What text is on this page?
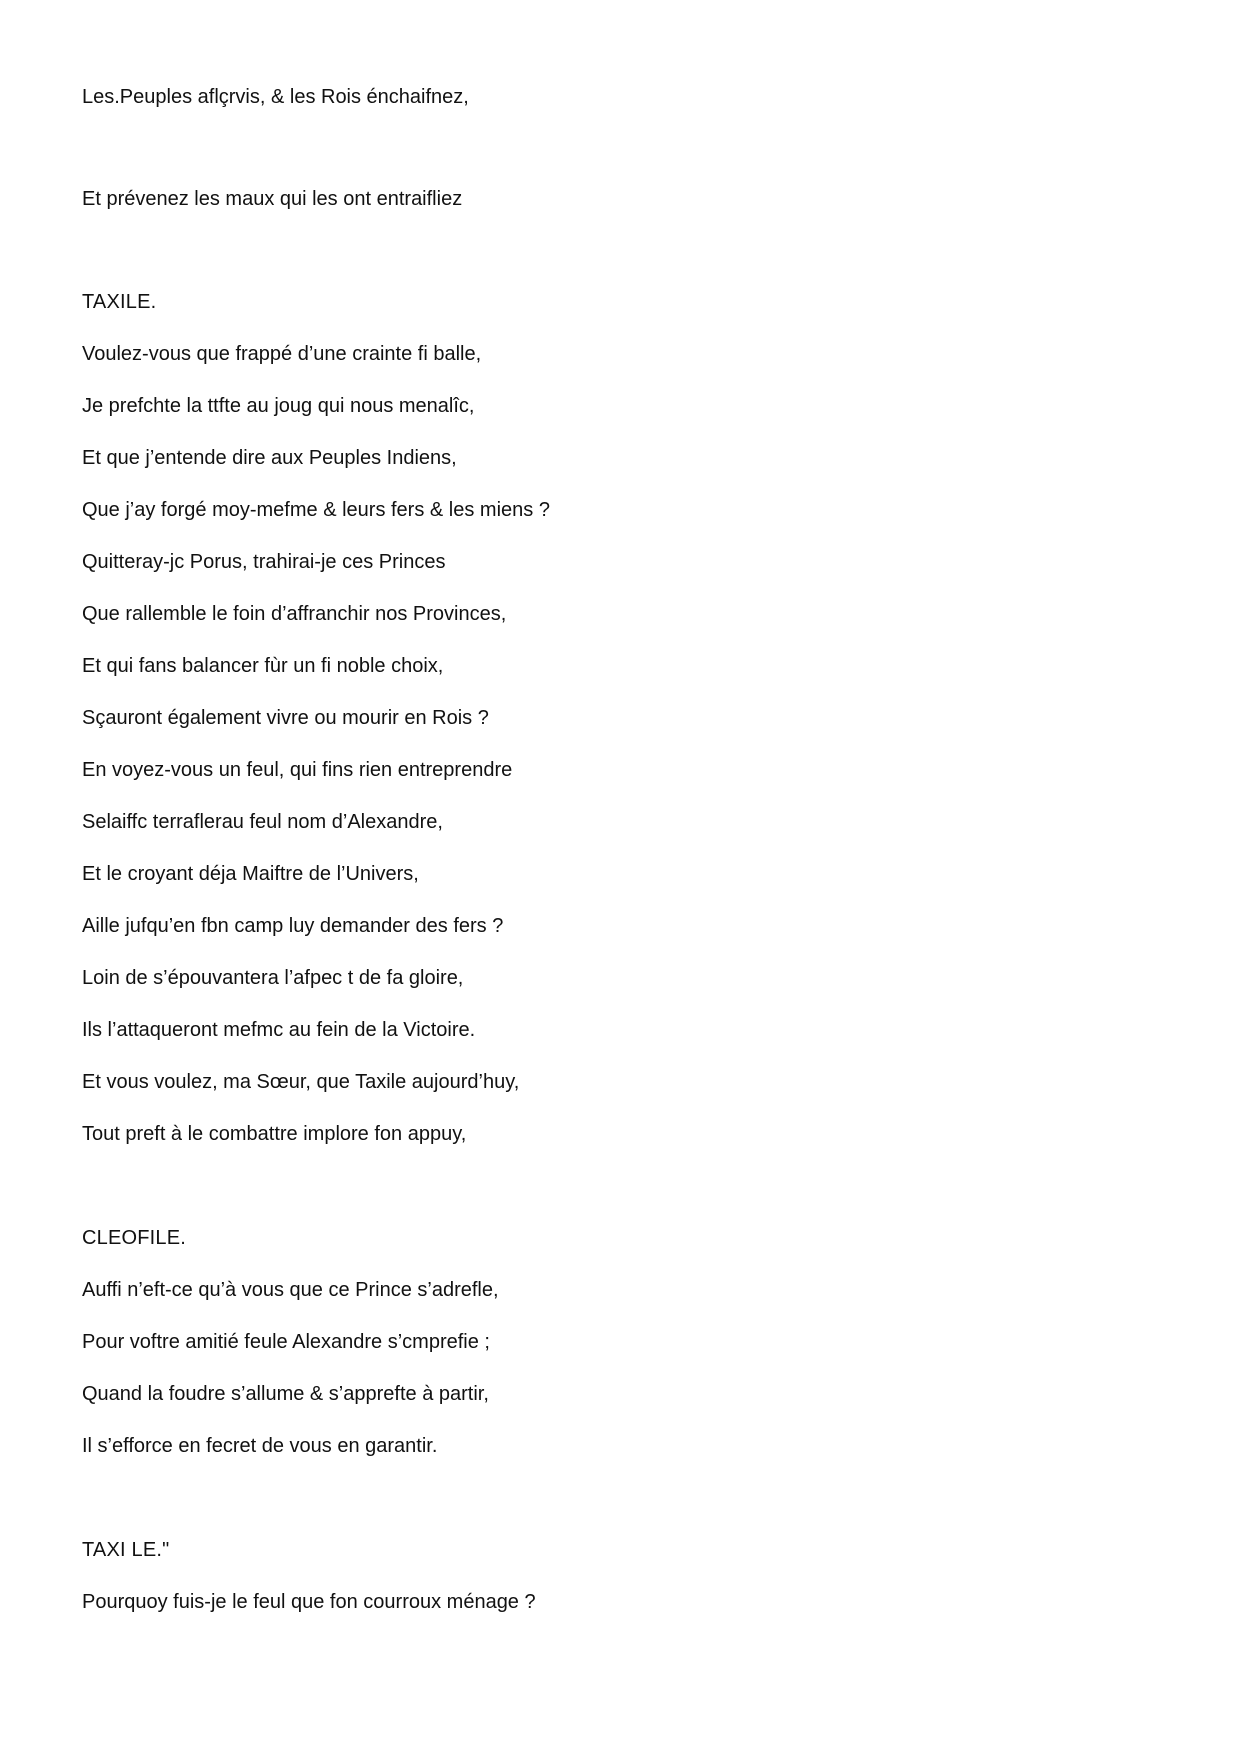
Les.Peuples aflçrvis, & les Rois énchaifnez,

Et prévenez les maux qui les ont entraifliez

TAXILE.

Voulez-vous que frappé d’une crainte fi balle,

Je prefchte la ttfte au joug qui nous menalîc,

Et que j’entende dire aux Peuples Indiens,

Que j’ay forgé moy-mefme & leurs fers & les miens ?

Quitteray-jc Porus, trahirai-je ces Princes

Que rallemble le foin d’affranchir nos Provinces,

Et qui fans balancer fùr un fi noble choix,

Sçauront également vivre ou mourir en Rois ?

En voyez-vous un feul, qui fins rien entreprendre

Selaiffc terraflerau feul nom d’Alexandre,

Et le croyant déja Maiftre de l’Univers,

Aille jufqu’en fbn camp luy demander des fers ?

Loin de s’épouvantera l’afpec t de fa gloire,

Ils l’attaqueront mefmc au fein de la Victoire.

Et vous voulez, ma Sœur, que Taxile aujourd’huy,

Tout preft à le combattre implore fon appuy,

CLEOFILE.

Auffi n’eft-ce qu’à vous que ce Prince s’adrefle,

Pour voftre amitié feule Alexandre s’cmprefie ;

Quand la foudre s’allume & s’apprefte à partir,

Il s’efforce en fecret de vous en garantir.

TAXI LE."

Pourquoy fuis-je le feul que fon courroux ménage ?
